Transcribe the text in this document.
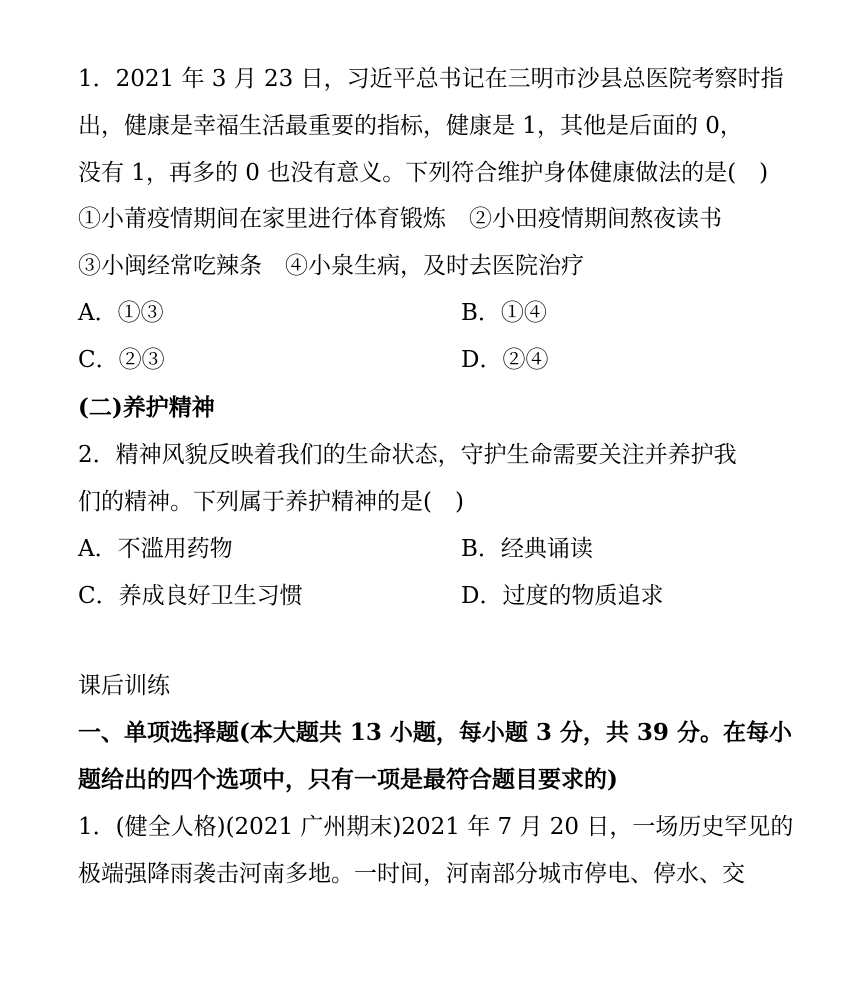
1．2021 年 3 月 23 日，习近平总书记在三明市沙县总医院考察时指
出，健康是幸福生活最重要的指标，健康是 1，其他是后面的 0，
没有 1，再多的 0 也没有意义。下列符合维护身体健康做法的是(　)
①小莆疫情期间在家里进行体育锻炼　②小田疫情期间熬夜读书
③小闽经常吃辣条　④小泉生病，及时去医院治疗
A．①③	B．①④
C．②③	D．②④
(二)养护精神
2．精神风貌反映着我们的生命状态，守护生命需要关注并养护我
们的精神。下列属于养护精神的是(　)
A．不滥用药物	B．经典诵读
C．养成良好卫生习惯	D．过度的物质追求
课后训练
一、单项选择题(本大题共 13 小题，每小题 3 分，共 39 分。在每小
题给出的四个选项中，只有一项是最符合题目要求的)
1．(健全人格)(2021 广州期末)2021 年 7 月 20 日，一场历史罕见的
极端强降雨袭击河南多地。一时间，河南部分城市停电、停水、交
